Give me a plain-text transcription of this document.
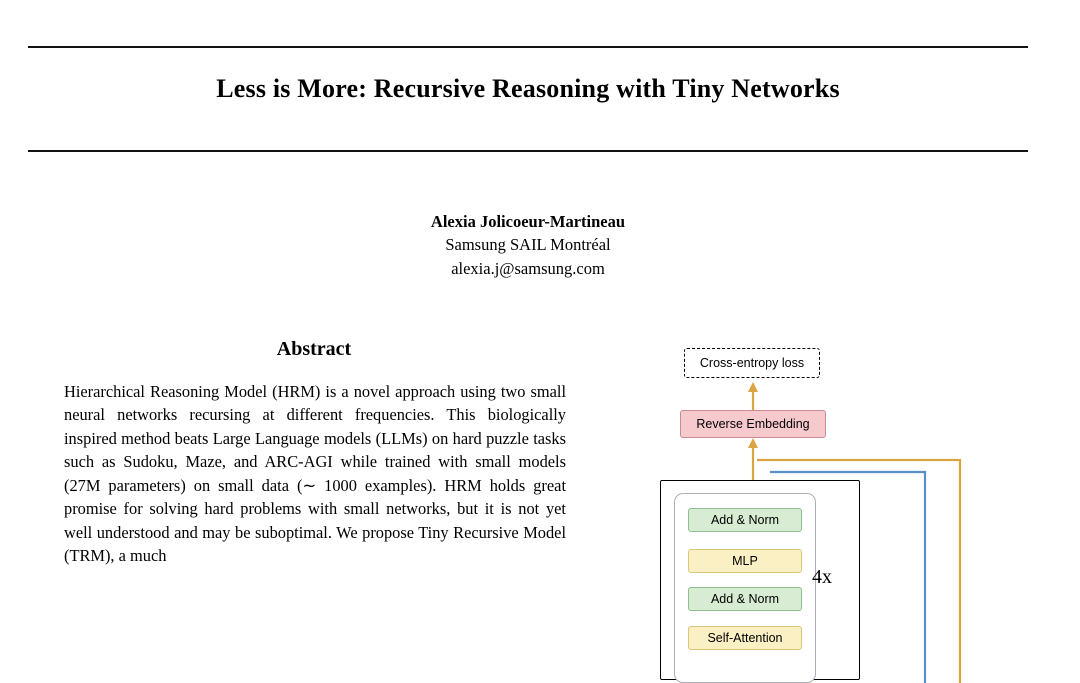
Less is More: Recursive Reasoning with Tiny Networks
Alexia Jolicoeur-Martineau
Samsung SAIL Montréal
alexia.j@samsung.com
Abstract
Hierarchical Reasoning Model (HRM) is a novel approach using two small neural networks recursing at different frequencies. This biologically inspired method beats Large Language models (LLMs) on hard puzzle tasks such as Sudoku, Maze, and ARC-AGI while trained with small models (27M parameters) on small data (∼ 1000 examples). HRM holds great promise for solving hard problems with small networks, but it is not yet well understood and may be suboptimal. We propose Tiny Recursive Model (TRM), a much
Cross-entropy loss
Reverse Embedding
Add & Norm
MLP
Add & Norm
Self-Attention
4x
